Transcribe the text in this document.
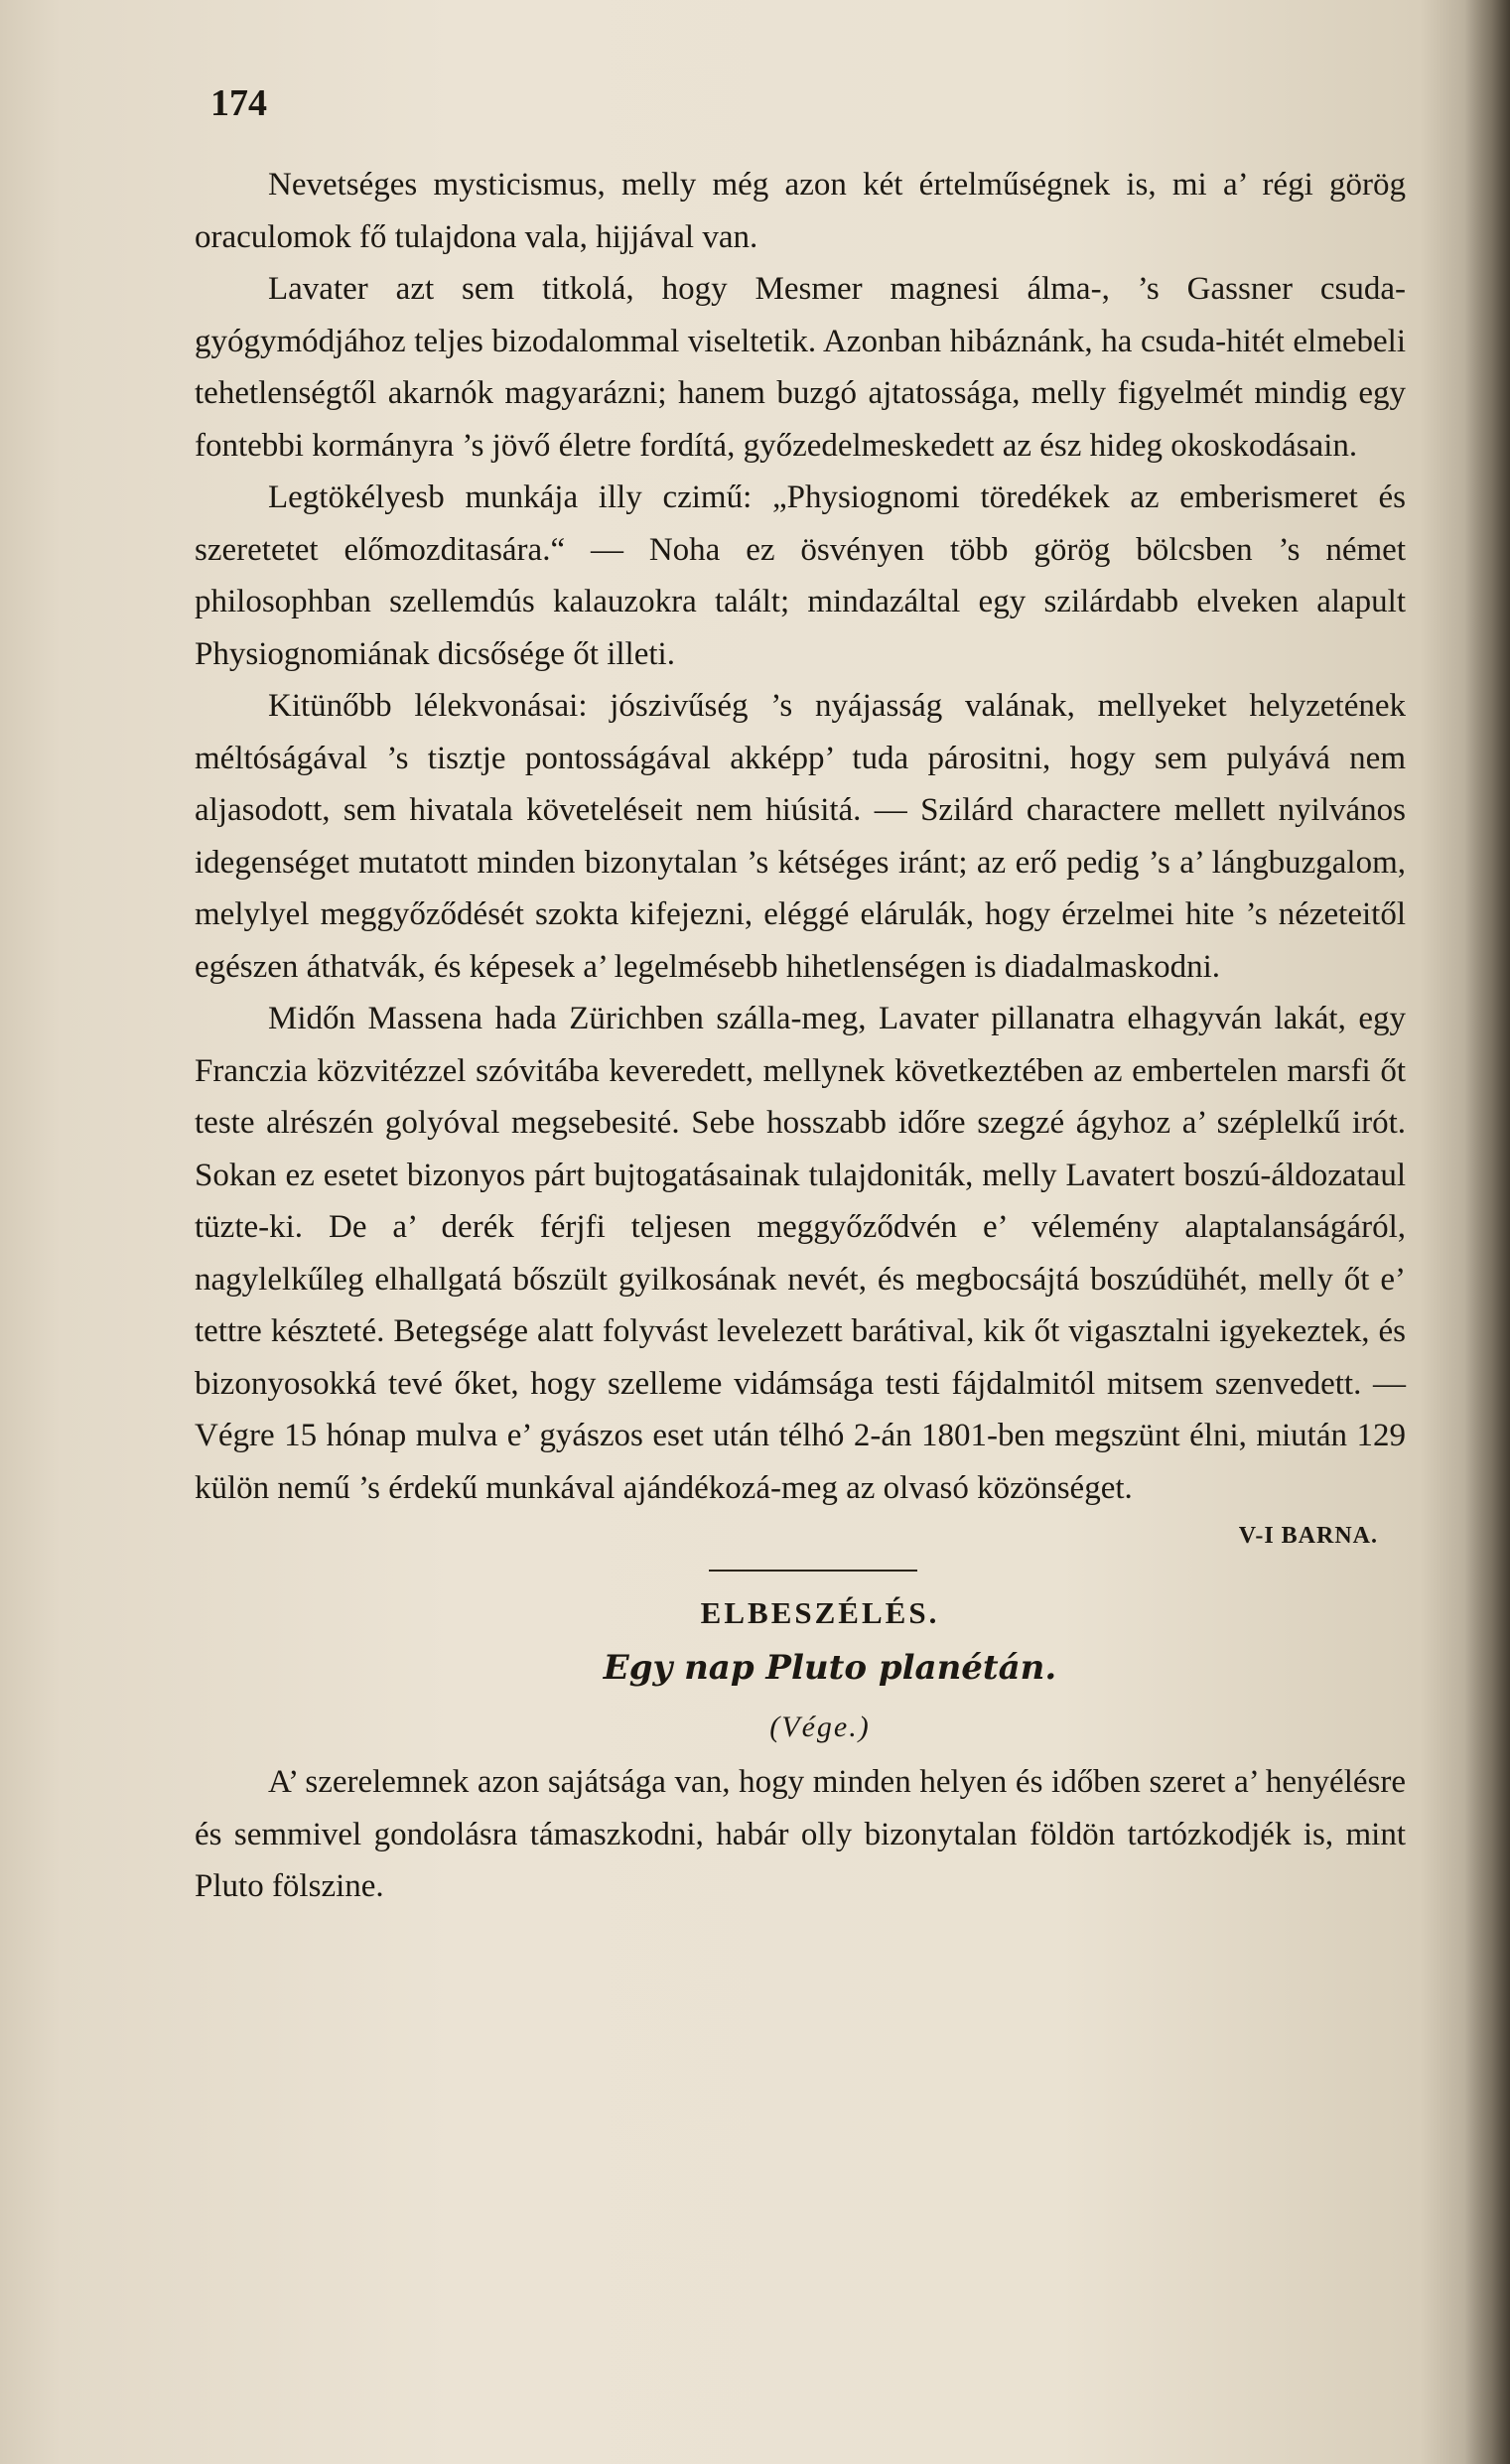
174

Nevetséges mysticismus, melly még azon két értelműségnek is, mi a’ régi görög oraculomok fő tulajdona vala, hijjával van.

Lavater azt sem titkolá, hogy Mesmer magnesi álma-, ’s Gassner csuda-gyógymódjához teljes bizodalommal viseltetik. Azonban hibáznánk, ha csuda-hitét elmebeli tehetlenségtől akarnók magyarázni; hanem buzgó ajtatossága, melly figyelmét mindig egy fontebbi kormányra ’s jövő életre fordítá, győzedelmeskedett az ész hideg okoskodásain.

Legtökélyesb munkája illy czimű: „Physiognomi töredékek az emberismeret és szeretetet előmozditasára.“ — Noha ez ösvényen több görög bölcsben ’s német philosophban szellemdús kalauzokra talált; mindazáltal egy szilárdabb elveken alapult Physiognomiának dicsősége őt illeti.

Kitünőbb lélekvonásai: jószivűség ’s nyájasság valának, mellyeket helyzetének méltóságával ’s tisztje pontosságával akképp’ tuda párositni, hogy sem pulyává nem aljasodott, sem hivatala követeléseit nem hiúsitá. — Szilárd charactere mellett nyilvános idegenséget mutatott minden bizonytalan ’s kétséges iránt; az erő pedig ’s a’ lángbuzgalom, melylyel meggyőződését szokta kifejezni, eléggé elárulák, hogy érzelmei hite ’s nézeteitől egészen áthatvák, és képesek a’ legelmésebb hihetlenségen is diadalmaskodni.

Midőn Massena hada Zürichben szálla-meg, Lavater pillanatra elhagyván lakát, egy Franczia közvitézzel szóvitába keveredett, mellynek következtében az embertelen marsfi őt teste alrészén golyóval megsebesité. Sebe hosszabb időre szegzé ágyhoz a’ széplelkű irót. Sokan ez esetet bizonyos párt bujtogatásainak tulajdoniták, melly Lavatert boszú-áldozataul tüzte-ki. De a’ derék férjfi teljesen meggyőződvén e’ vélemény alaptalanságáról, nagylelkűleg elhallgatá bőszült gyilkosának nevét, és megbocsájtá boszúdühét, melly őt e’ tettre készteté. Betegsége alatt folyvást levelezett barátival, kik őt vigasztalni igyekeztek, és bizonyosokká tevé őket, hogy szelleme vidámsága testi fájdalmitól mitsem szenvedett. — Végre 15 hónap mulva e’ gyászos eset után télhó 2-án 1801-ben megszünt élni, miután 129 külön nemű ’s érdekű munkával ajándékozá-meg az olvasó közönséget.

V-I BARNA.
ELBESZÉLÉS.
Egy nap Pluto planétán.
(Vége.)

A’ szerelemnek azon sajátsága van, hogy minden helyen és időben szeret a’ henyélésre és semmivel gondolásra támaszkodni, habár olly bizonytalan földön tartózkodjék is, mint Pluto fölszine.
